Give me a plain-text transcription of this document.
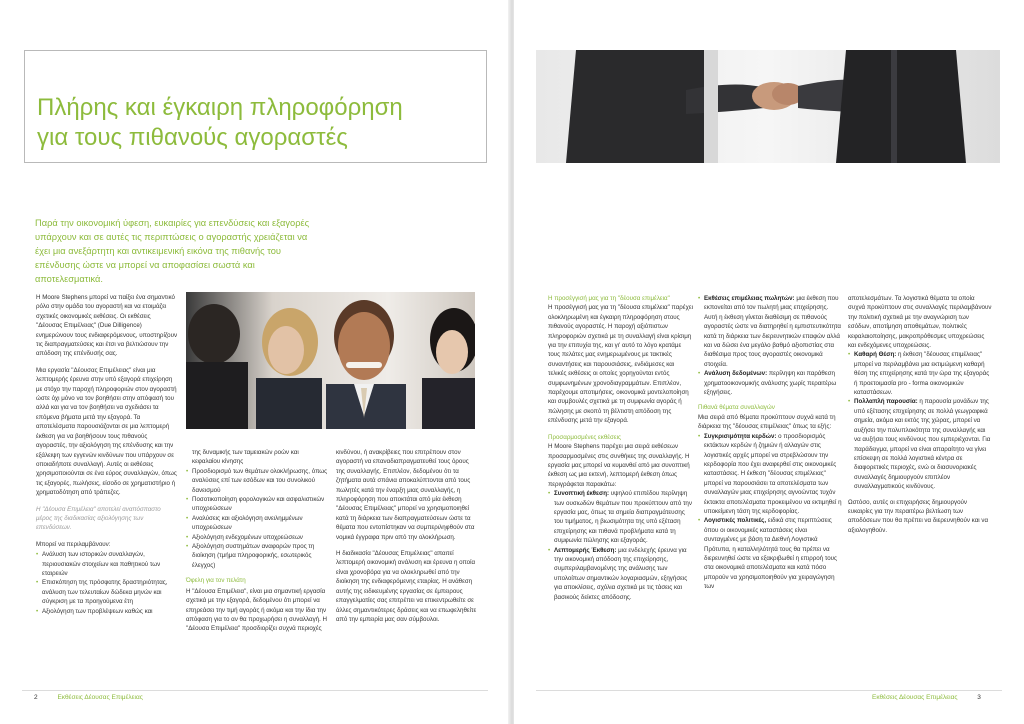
Πλήρης και έγκαιρη πληροφόρηση
για τους πιθανούς αγοραστές

Παρά την οικονομική ύφεση, ευκαιρίες για επενδύσεις και εξαγορές υπάρχουν και σε αυτές τις περιπτώσεις ο αγοραστής χρειάζεται να έχει μια ανεξάρτητη και αντικειμενική εικόνα της πιθανής του επένδυσης ώστε να μπορεί να αποφασίσει σωστά και αποτελεσματικά.

Η Moore Stephens μπορεί να παίξει ένα σημαντικό ρόλο στην ομάδα του αγοραστή και να ετοιμάζει σχετικές οικονομικές εκθέσεις. Οι εκθέσεις "Δέουσας Επιμέλειας" (Due Dilligence) ενημερώνουν τους ενδιαφερόμενους, υποστηρίζουν τις διαπραγματεύσεις και έτσι να βελτιώσουν την απόδοση της επένδυσής σας.

Μια εργασία "Δέουσας Επιμέλειας" είναι μια λεπτομερής έρευνα στην υπό εξαγορά επιχείρηση με στόχο την παροχή πληροφοριών στον αγοραστή ώστε όχι μόνο να τον βοηθήσει στην απόφασή του αλλά και για να τον βοηθήσει να σχεδιάσει τα επόμενα βήματα μετά την εξαγορά. Τα αποτελέσματα παρουσιάζονται σε μια λεπτομερή έκθεση για να βοηθήσουν τους πιθανούς αγοραστές, την αξιολόγηση της επένδυσης και την εξάλειψη των εγγενών κινδύνων που υπάρχουν σε οποιαδήποτε συναλλαγή. Αυτές οι εκθέσεις χρησιμοποιούνται σε ένα εύρος συναλλαγών, όπως τις εξαγορές, πωλήσεις, είσοδο σε χρηματιστήριο ή χρηματοδότηση από τράπεζες.

Η "Δέουσα Επιμέλεια" αποτελεί αναπόσπαστο μέρος της διαδικασίας αξιολόγησης των επενδύσεων.

Μπορεί να περιλαμβάνουν:

• Ανάλυση των ιστορικών συναλλαγών, περιουσιακών στοιχείων και παθητικού των εταιρειών
• Επισκόπηση της πρόσφατης δραστηριότητας, ανάλυση των τελευταίων δώδεκα μηνών και σύγκριση με τα προηγούμενα έτη
• Αξιολόγηση των προβλέψεων καθώς και

της δυναμικής των ταμειακών ροών και κεφαλαίου κίνησης

• Προσδιορισμό των θεμάτων ολοκλήρωσης, όπως αναλύσεις επί των εσόδων και του συνολικού δανεισμού
• Ποσοτικοποίηση φορολογικών και ασφαλιστικών υποχρεώσεων
• Αναλύσεις και αξιολόγηση ανειλημμένων υποχρεώσεων
• Αξιολόγηση ενδεχομένων υποχρεώσεων
• Αξιολόγηση συστημάτων αναφορών προς τη διοίκηση (τμήμα πληροφορικής, εσωτερικός έλεγχος)

Όφελη για τον πελάτη

Η "Δέουσα Επιμέλεια", είναι μια σημαντική εργασία σχετικά με την εξαγορά, δεδομένου ότι μπορεί να επηρεάσει την τιμή αγοράς ή ακόμα και την ίδια την απόφαση για το αν θα προχωρήσει η συναλλαγή. Η "Δέουσα Επιμέλεια" προσδιορίζει συχνά περιοχές

κινδύνου, ή ανακρίβειες που επιτρέπουν στον αγοραστή να επαναδιαπραγματευθεί τους όρους της συναλλαγής. Επιπλέον, δεδομένου ότι τα ζητήματα αυτά σπάνια αποκαλύπτονται από τους πωλητές κατά την έναρξη μιας συναλλαγής, η πληροφόρηση που αποκτάται από μία έκθεση "Δέουσας Επιμέλειας" μπορεί να χρησιμοποιηθεί κατά τη διάρκεια των διαπραγματεύσεων ώστε τα θέματα που εντοπίστηκαν να συμπεριληφθούν στα νομικά έγγραφα πριν από την ολοκλήρωση.

Η διαδικασία "Δέουσας Επιμέλειας" απαιτεί λεπτομερή οικονομική ανάλυση και έρευνα η οποία είναι χρονοβόρα για να ολοκληρωθεί από την διοίκηση της ενδιαφερόμενης εταιρίας. Η ανάθεση αυτής της ειδικευμένης εργασίας σε έμπειρους επαγγελματίες σας επιτρέπει να επικεντρωθείτε σε άλλες σημαντικότερες δράσεις και να επωφεληθείτε από την εμπειρία μας σαν σύμβουλοι.

2	Εκθέσεις Δέουσας Επιμέλειας

Η προσέγγισή μας για τη "δέουσα επιμέλεια"

Η προσέγγισή μας για τη "δέουσα επιμέλεια" παρέχει ολοκληρωμένη και έγκαιρη πληροφόρηση στους πιθανούς αγοραστές. Η παροχή αξιόπιστων πληροφοριών σχετικά με τη συναλλαγή είναι κρίσιμη για την επιτυχία της, και γι' αυτό το λόγο κρατάμε τους πελάτες μας ενημερωμένους με τακτικές συναντήσεις και παρουσιάσεις, ενδιάμεσες και τελικές εκθέσεις οι οποίες χορηγούνται εντός συμφωνημένων χρονοδιαγραμμάτων. Επιπλέον, παρέχουμε αποτιμήσεις, οικονομικά μοντελοποίηση και συμβουλές σχετικά με τη συμφωνία αγοράς ή πώλησης με σκοπό τη βέλτιστη απόδοση της επένδυσης μετά την εξαγορά.

Προσαρμοσμένες εκθέσεις

Η Moore Stephens παρέχει μια σειρά εκθέσεων προσαρμοσμένες στις συνθήκες της συναλλαγής. Η εργασία μας μπορεί να κυμανθεί από μια συνοπτική έκθεση ως μια εκτενή, λεπτομερή έκθεση όπως περιγράφεται παρακάτω:

• Συνοπτική έκθεση: υψηλού επιπέδου περίληψη των ουσιωδών θεμάτων που προκύπτουν από την εργασία μας, όπως τα σημεία διαπραγμάτευσης του τιμήματος, η βιωσιμότητα της υπό εξέταση επιχείρησης και πιθανά προβλήματα κατά τη συμφωνία πώλησης και εξαγοράς.
• Λεπτομερής Έκθεση: μια ενδελεχής έρευνα για την οικονομική απόδοση της επιχείρησης, συμπεριλαμβανομένης της ανάλυσης των υπολοίπων σημαντικών λογαριασμών, εξηγήσεις για αποκλίσεις, σχόλια σχετικά με τις τάσεις και βασικούς δείκτες απόδοσης.
• Εκθέσεις επιμέλειας πωλητών: μια έκθεση που εκπονείται από τον πωλητή μιας επιχείρησης. Αυτή η έκθεση γίνεται διαθέσιμη σε πιθανούς αγοραστές ώστε να διατηρηθεί η εμπιστευτικότητα κατά τη διάρκεια των διερευνητικών επαφών αλλά και να δώσει ένα μεγάλο βαθμό αξιοπιστίας στα διαθέσιμα προς τους αγοραστές οικονομικά στοιχεία.
• Ανάλυση δεδομένων: περίληψη και παράθεση χρηματοοικονομικής ανάλυσης χωρίς περαιτέρω εξηγήσεις.

Πιθανά θέματα συναλλαγών

Μια σειρά από θέματα προκύπτουν συχνά κατά τη διάρκεια της "δέουσας επιμέλειας" όπως τα εξής:

• Συγκρισιμότητα κερδών: ο προσδιορισμός εκτάκτων κερδών ή ζημιών ή αλλαγών στις λογιστικές αρχές μπορεί να στρεβλώσουν την κερδοφορία που έχει αναφερθεί στις οικονομικές καταστάσεις. Η έκθεση "δέουσας επιμέλειας" μπορεί να παρουσιάσει τα αποτελέσματα των συναλλαγών μιας επιχείρησης αγνοώντας τυχόν έκτακτα αποτελέσματα προκειμένου να εκτιμηθεί η υποκείμενη τάση της κερδοφορίας.
• Λογιστικές πολιτικές, ειδικά στις περιπτώσεις όπου οι οικονομικές καταστάσεις είναι συνταγμένες με βάση τα Διεθνή Λογιστικά Πρότυπα, η καταλληλότητά τους θα πρέπει να διερευνηθεί ώστε να εξακριβωθεί η επιρροή τους στα οικονομικά αποτελέσματα και κατά πόσο μπορούν να χρησιμοποιηθούν για χειραγώγηση των

αποτελεσμάτων. Τα λογιστικά θέματα τα οποία συχνά προκύπτουν στις συναλλαγές περιλαμβάνουν την πολιτική σχετικά με την αναγνώριση των εσόδων, απoτίμηση αποθεμάτων, πολιτικές κεφαλαιοποίησης, μακροπρόθεσμες υποχρεώσεις και ενδεχόμενες υποχρεώσεις.

• Καθαρή Θέση: η έκθεση "δέουσας επιμέλειας" μπορεί να περιλαμβάνει μια εκτιμώμενη καθαρή θέση της επιχείρησης κατά την ώρα της εξαγοράς ή προετοιμασία pro - forma οικονομικών καταστάσεων.
• Πολλαπλή παρουσία: η παρουσία μονάδων της υπό εξέτασης επιχείρησης σε πολλά γεωγραφικά σημεία, ακόμα και εκτός της χώρας, μπορεί να αυξήσει την πολυπλοκότητα της συναλλαγής και να αυξήσει τους κινδύνους που εμπεριέχονται. Για παράδειγμα, μπορεί να είναι απαραίτητο να γίνει επίσκεψη σε πολλά λογιστικά κέντρα σε διαφορετικές περιοχές, ενώ οι διασυνοριακές συναλλαγές δημιουργούν επιπλέον συναλλαγματικούς κινδύνους.

Ωστόσο, αυτές οι επιχειρήσεις δημιουργούν ευκαιρίες για την περαιτέρω βελτίωση των αποδόσεων που θα πρέπει να διερευνηθούν και να αξιολογηθούν.

Εκθέσεις Δέουσας Επιμέλειας	3
